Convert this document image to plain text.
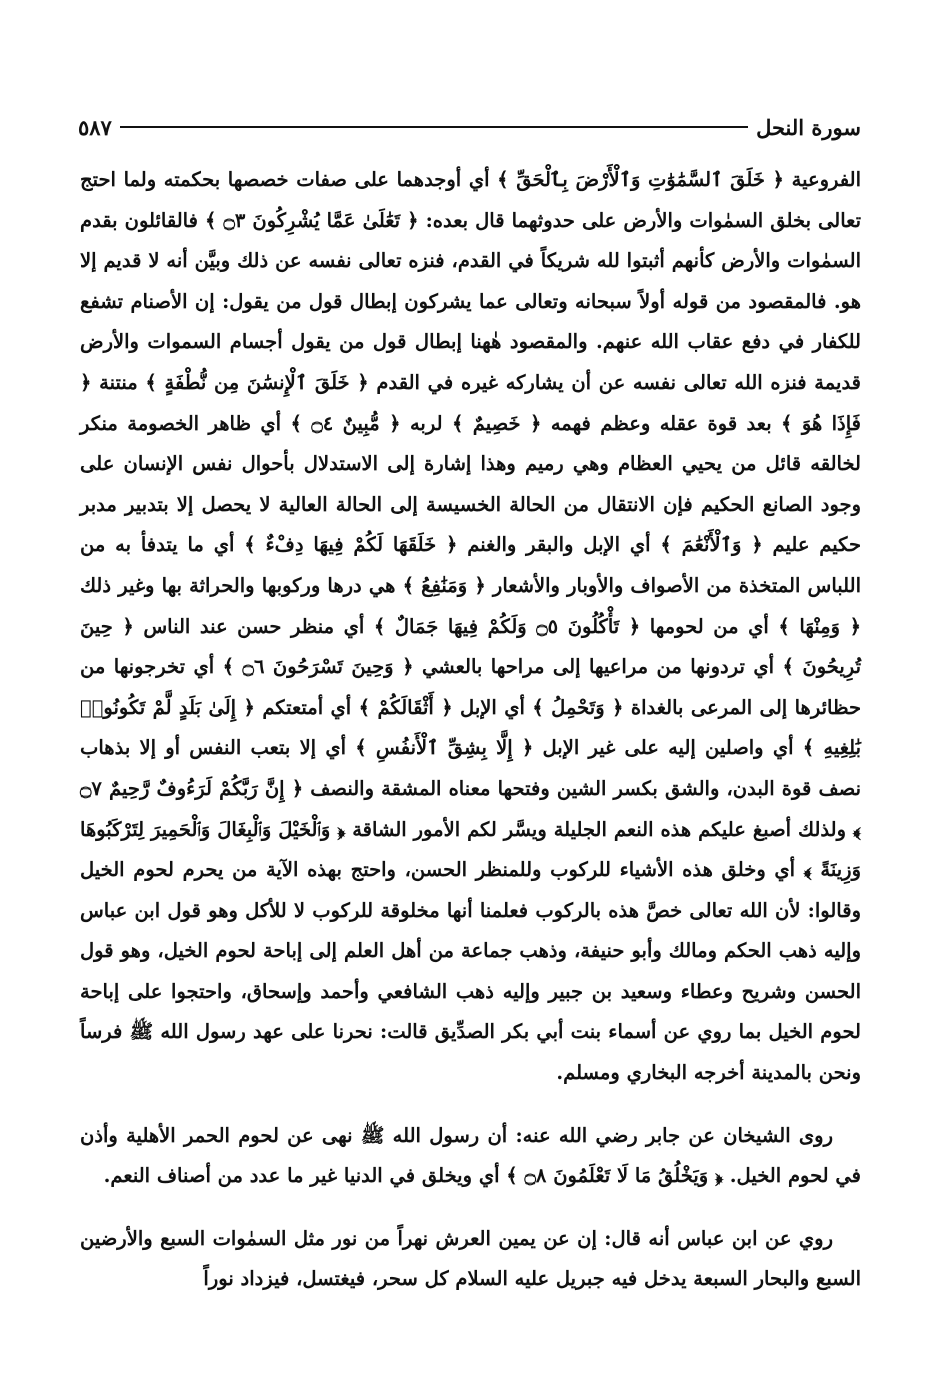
سورة النحل
٥٨٧

الفروعية ﴿ خَلَقَ ٱلسَّمَٰوَٰتِ وَٱلْأَرْضَ بِٱلْحَقِّ ﴾ أي أوجدهما على صفات خصصها بحكمته ولما احتج تعالى بخلق السمٰوات والأرض على حدوثهما قال بعده: ﴿ تَعَٰلَىٰ عَمَّا يُشْرِكُونَ ۝٣ ﴾ فالقائلون بقدم السمٰوات والأرض كأنهم أثبتوا لله شريكاً في القدم، فنزه تعالى نفسه عن ذلك وبيَّن أنه لا قديم إلا هو. فالمقصود من قوله أولاً سبحانه وتعالى عما يشركون إبطال قول من يقول: إن الأصنام تشفع للكفار في دفع عقاب الله عنهم. والمقصود هٰهنا إبطال قول من يقول أجسام السموات والأرض قديمة فنزه الله تعالى نفسه عن أن يشاركه غيره في القدم ﴿ خَلَقَ ٱلْإِنسَٰنَ مِن نُّطْفَةٍ ﴾ منتنة ﴿ فَإِذَا هُوَ ﴾ بعد قوة عقله وعظم فهمه ﴿ خَصِيمٌ ﴾ لربه ﴿ مُّبِينٌ ۝٤ ﴾ أي ظاهر الخصومة منكر لخالقه قائل من يحيي العظام وهي رميم وهذا إشارة إلى الاستدلال بأحوال نفس الإنسان على وجود الصانع الحكيم فإن الانتقال من الحالة الخسيسة إلى الحالة العالية لا يحصل إلا بتدبير مدبر حكيم عليم ﴿ وَٱلْأَنْعَٰمَ ﴾ أي الإبل والبقر والغنم ﴿ خَلَقَهَا لَكُمْ فِيهَا دِفْءٌ ﴾ أي ما يتدفأ به من اللباس المتخذة من الأصواف والأوبار والأشعار ﴿ وَمَنَٰفِعُ ﴾ هي درها وركوبها والحراثة بها وغير ذلك ﴿ وَمِنْهَا ﴾ أي من لحومها ﴿ تَأْكُلُونَ ۝٥ وَلَكُمْ فِيهَا جَمَالٌ ﴾ أي منظر حسن عند الناس ﴿ حِينَ تُرِيحُونَ ﴾ أي تردونها من مراعيها إلى مراحها بالعشي ﴿ وَحِينَ تَسْرَحُونَ ۝٦ ﴾ أي تخرجونها من حظائرها إلى المرعى بالغداة ﴿ وَتَحْمِلُ ﴾ أي الإبل ﴿ أَثْقَالَكُمْ ﴾ أي أمتعتكم ﴿ إِلَىٰ بَلَدٍ لَّمْ تَكُونُوا۟ بَٰلِغِيهِ ﴾ أي واصلين إليه على غير الإبل ﴿ إِلَّا بِشِقِّ ٱلْأَنفُسِ ﴾ أي إلا بتعب النفس أو إلا بذهاب نصف قوة البدن، والشق بكسر الشين وفتحها معناه المشقة والنصف ﴿ إِنَّ رَبَّكُمْ لَرَءُوفٌ رَّحِيمٌ ۝٧ ﴾ ولذلك أصبغ عليكم هذه النعم الجليلة ويسَّر لكم الأمور الشاقة ﴿ وَٱلْخَيْلَ وَٱلْبِغَالَ وَٱلْحَمِيرَ لِتَرْكَبُوهَا وَزِينَةً ﴾ أي وخلق هذه الأشياء للركوب وللمنظر الحسن، واحتج بهذه الآية من يحرم لحوم الخيل وقالوا: لأن الله تعالى خصَّ هذه بالركوب فعلمنا أنها مخلوقة للركوب لا للأكل وهو قول ابن عباس وإليه ذهب الحكم ومالك وأبو حنيفة، وذهب جماعة من أهل العلم إلى إباحة لحوم الخيل، وهو قول الحسن وشريح وعطاء وسعيد بن جبير وإليه ذهب الشافعي وأحمد وإسحاق، واحتجوا على إباحة لحوم الخيل بما روي عن أسماء بنت أبي بكر الصدِّيق قالت: نحرنا على عهد رسول الله ﷺ فرساً ونحن بالمدينة أخرجه البخاري ومسلم.

روى الشيخان عن جابر رضي الله عنه: أن رسول الله ﷺ نهى عن لحوم الحمر الأهلية وأذن في لحوم الخيل. ﴿ وَيَخْلُقُ مَا لَا تَعْلَمُونَ ۝٨ ﴾ أي ويخلق في الدنيا غير ما عدد من أصناف النعم.

روي عن ابن عباس أنه قال: إن عن يمين العرش نهراً من نور مثل السمٰوات السبع والأرضين السبع والبحار السبعة يدخل فيه جبريل عليه السلام كل سحر، فيغتسل، فيزداد نوراً
